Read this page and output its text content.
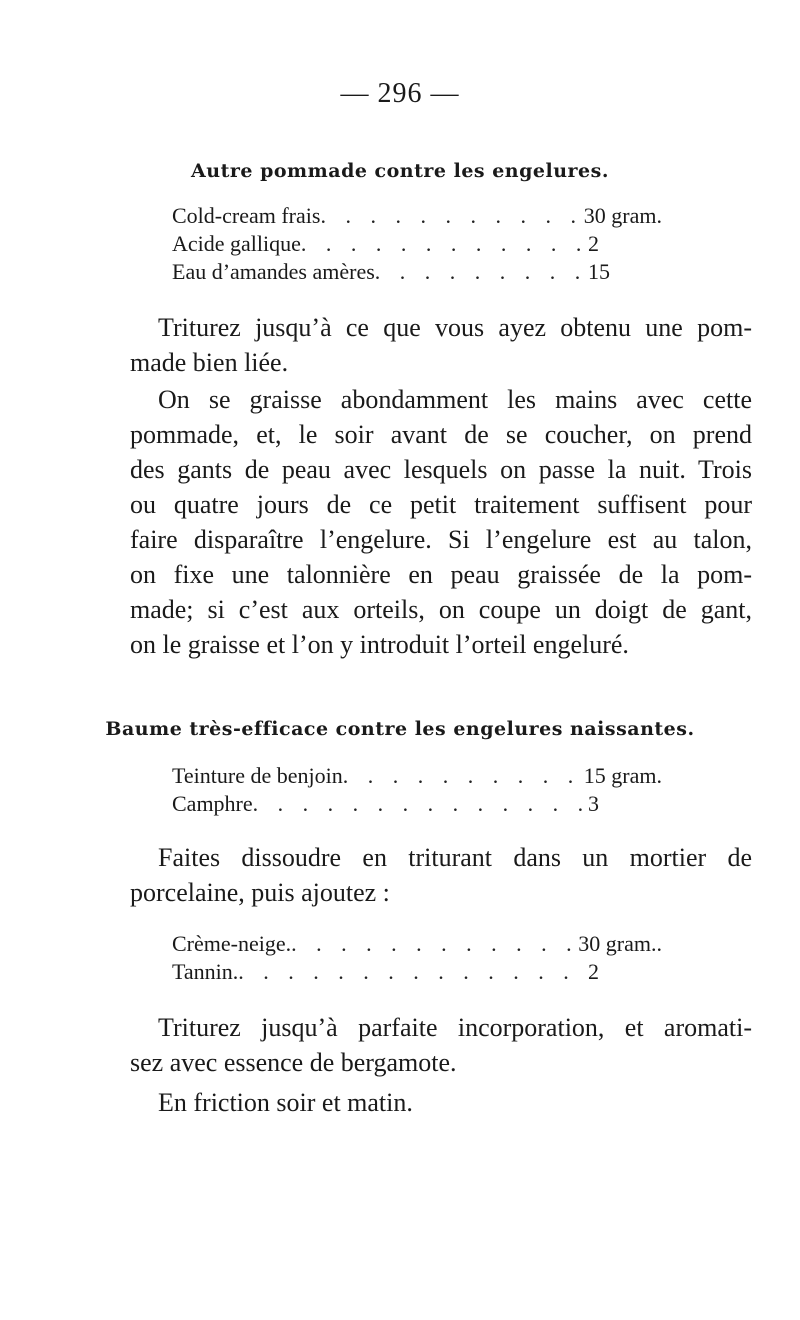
— 296 —
Autre pommade contre les engelures.
Cold-cream frais . . .	30 gram.
Acide gallique . . .	2
Eau d’amandes amères . . .	15
Triturez jusqu’à ce que vous ayez obtenu une pom-
made bien liée.
On se graisse abondamment les mains avec cette
pommade, et, le soir avant de se coucher, on prend
des gants de peau avec lesquels on passe la nuit. Trois
ou quatre jours de ce petit traitement suffisent pour
faire disparaître l’engelure. Si l’engelure est au talon,
on fixe une talonnière en peau graissée de la pom-
made; si c’est aux orteils, on coupe un doigt de gant,
on le graisse et l’on y introduit l’orteil engeluré.
Baume très-efficace contre les engelures naissantes.
Teinture de benjoin . . .	15 gram.
Camphre . . .	3
Faites dissoudre en triturant dans un mortier de
porcelaine, puis ajoutez :
Crème-neige. . . .	30 gram..
Tannin. . . .	2
Triturez jusqu’à parfaite incorporation, et aromati-
sez avec essence de bergamote.
En friction soir et matin.
